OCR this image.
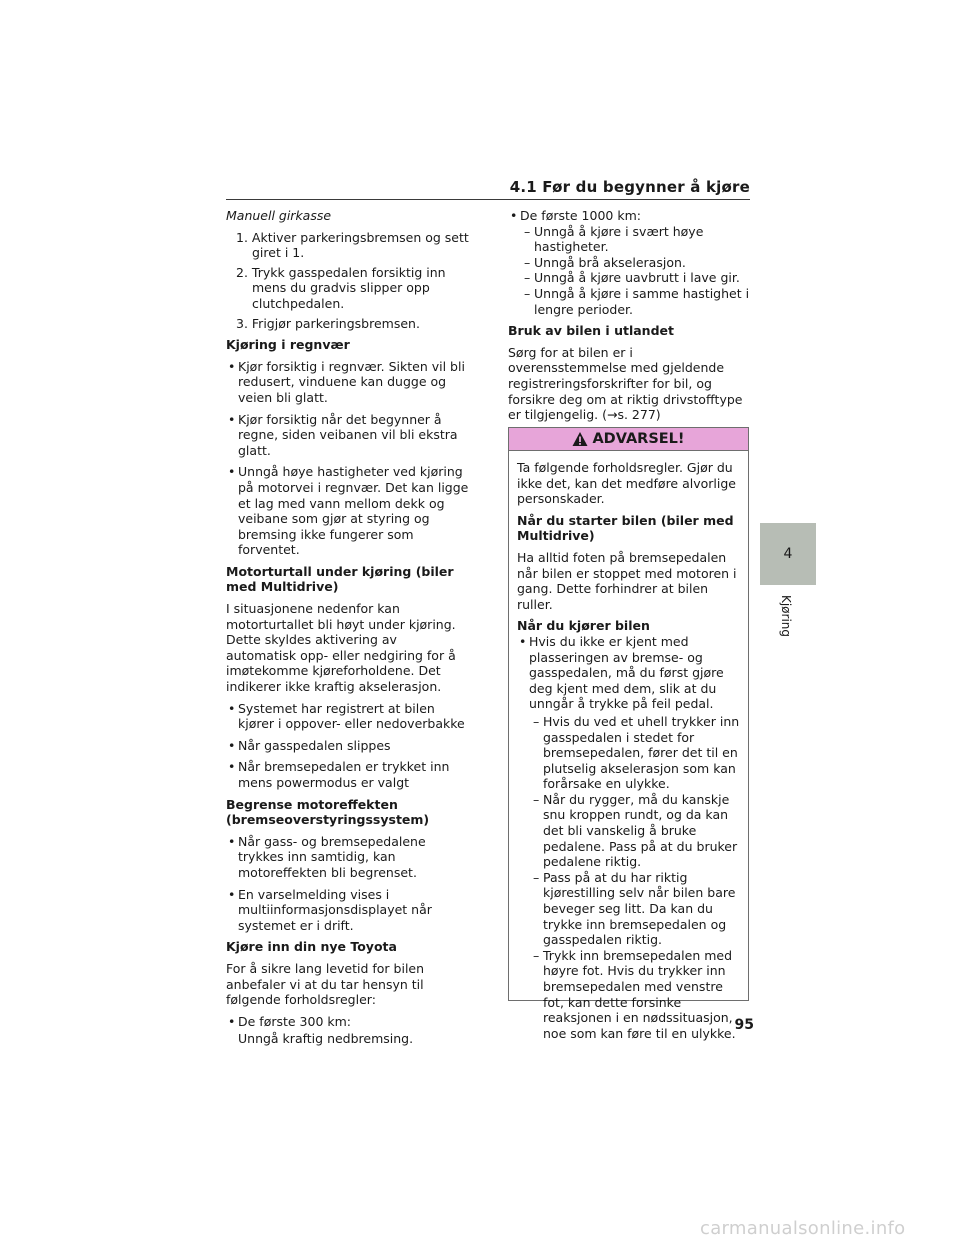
4.1 Før du begynner å kjøre

Manuell girkasse

1. Aktiver parkeringsbremsen og sett giret i 1.

2. Trykk gasspedalen forsiktig inn mens du gradvis slipper opp clutchpedalen.

3. Frigjør parkeringsbremsen.

Kjøring i regnvær

• Kjør forsiktig i regnvær. Sikten vil bli redusert, vinduene kan dugge og veien bli glatt.
• Kjør forsiktig når det begynner å regne, siden veibanen vil bli ekstra glatt.
• Unngå høye hastigheter ved kjøring på motorvei i regnvær. Det kan ligge et lag med vann mellom dekk og veibane som gjør at styring og bremsing ikke fungerer som forventet.

Motorturtall under kjøring (biler med Multidrive)

I situasjonene nedenfor kan motorturtallet bli høyt under kjøring. Dette skyldes aktivering av automatisk opp- eller nedgiring for å imøtekomme kjøreforholdene. Det indikerer ikke kraftig akselerasjon.

• Systemet har registrert at bilen kjører i oppover- eller nedoverbakke
• Når gasspedalen slippes
• Når bremsepedalen er trykket inn mens powermodus er valgt

Begrense motoreffekten (bremseoverstyringssystem)

• Når gass- og bremsepedalene trykkes inn samtidig, kan motoreffekten bli begrenset.
• En varselmelding vises i multiinformasjonsdisplayet når systemet er i drift.

Kjøre inn din nye Toyota

For å sikre lang levetid for bilen anbefaler vi at du tar hensyn til følgende forholdsregler:

• De første 300 km:

Unngå kraftig nedbremsing.

• De første 1000 km:
– Unngå å kjøre i svært høye hastigheter.
– Unngå brå akselerasjon.
– Unngå å kjøre uavbrutt i lave gir.
– Unngå å kjøre i samme hastighet i lengre perioder.

Bruk av bilen i utlandet

Sørg for at bilen er i overensstemmelse med gjeldende registreringsforskrifter for bil, og forsikre deg om at riktig drivstofftype er tilgjengelig. (→s. 277)

ADVARSEL!

Ta følgende forholdsregler. Gjør du ikke det, kan det medføre alvorlige personskader.

Når du starter bilen (biler med Multidrive)

Ha alltid foten på bremsepedalen når bilen er stoppet med motoren i gang. Dette forhindrer at bilen ruller.

Når du kjører bilen

• Hvis du ikke er kjent med plasseringen av bremse- og gasspedalen, må du først gjøre deg kjent med dem, slik at du unngår å trykke på feil pedal.
– Hvis du ved et uhell trykker inn gasspedalen i stedet for bremsepedalen, fører det til en plutselig akselerasjon som kan forårsake en ulykke.
– Når du rygger, må du kanskje snu kroppen rundt, og da kan det bli vanskelig å bruke pedalene. Pass på at du bruker pedalene riktig.
– Pass på at du har riktig kjørestilling selv når bilen bare beveger seg litt. Da kan du trykke inn bremsepedalen og gasspedalen riktig.
– Trykk inn bremsepedalen med høyre fot. Hvis du trykker inn bremsepedalen med venstre fot, kan dette forsinke reaksjonen i en nødssituasjon, noe som kan føre til en ulykke.
4
Kjøring
95
carmanualsonline.info
